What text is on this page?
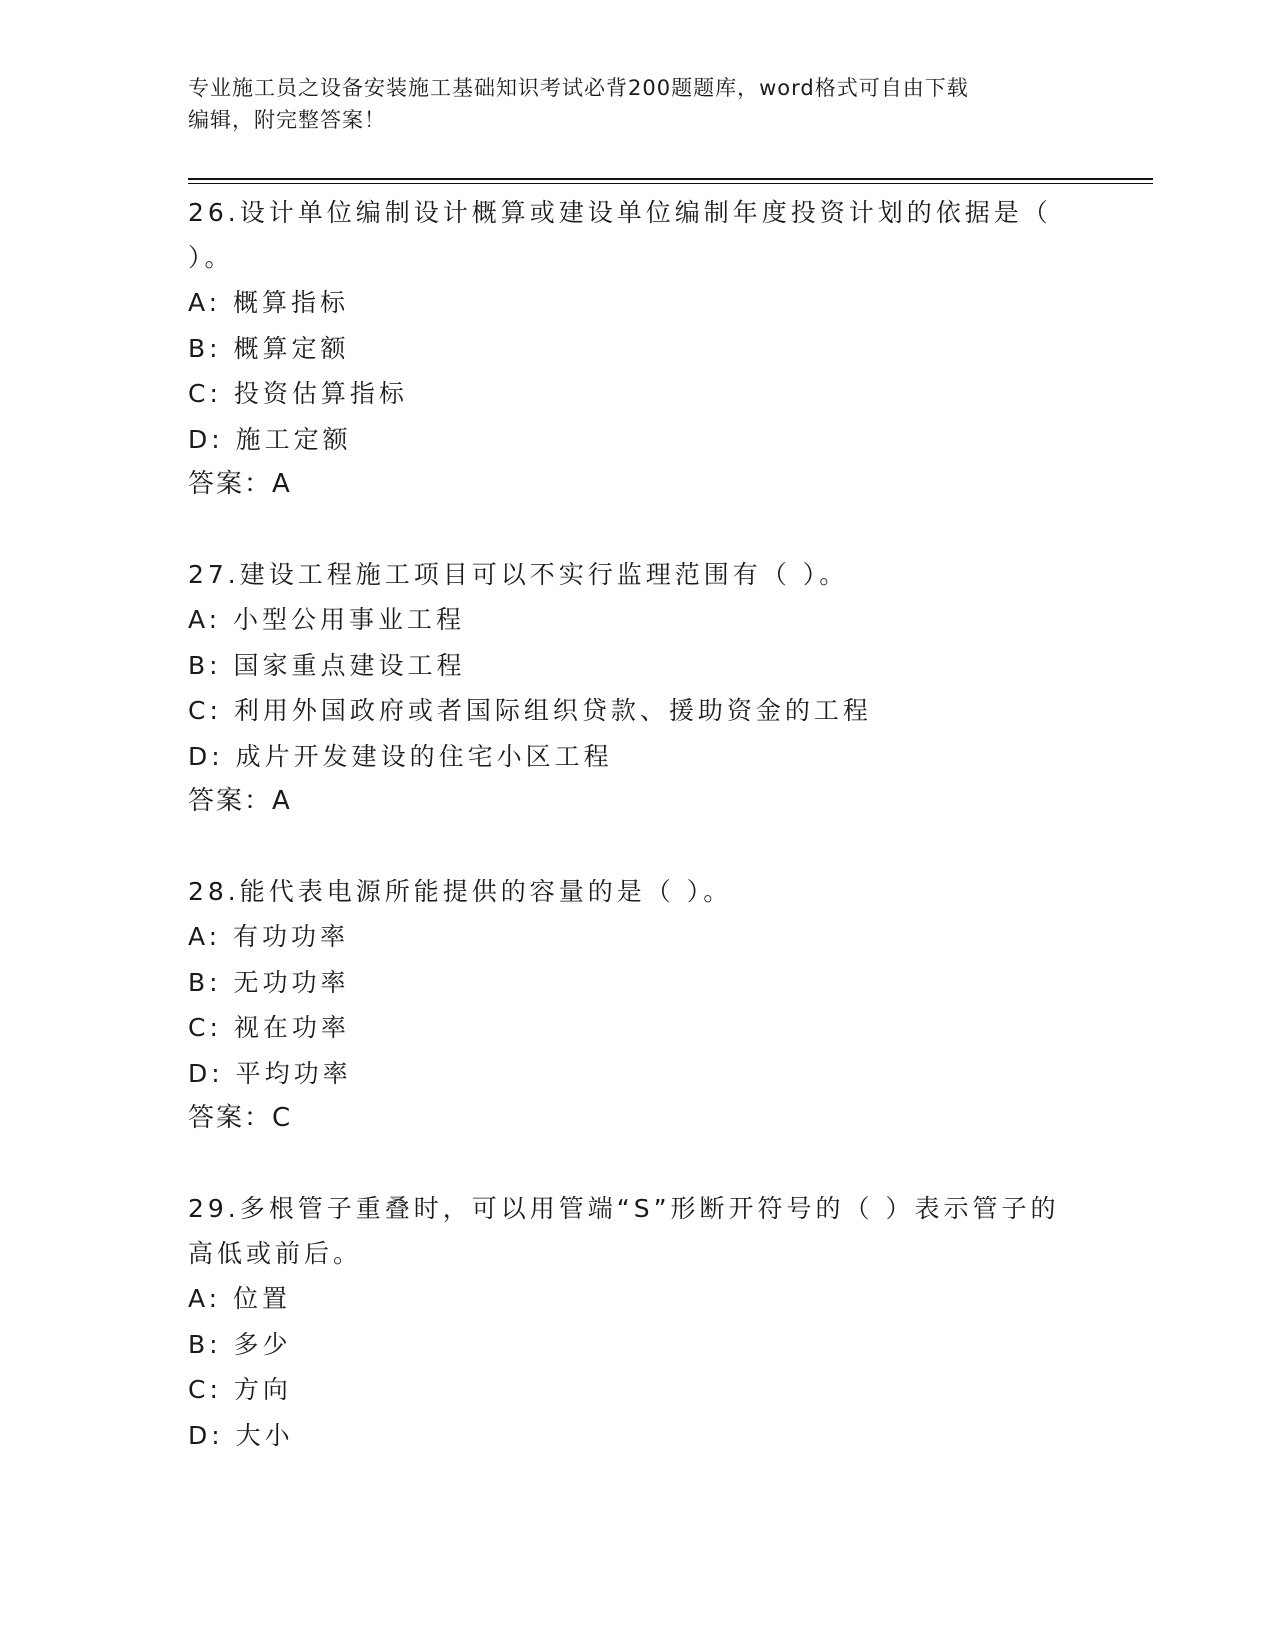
专业施工员之设备安装施工基础知识考试必背200题题库，word格式可自由下载
编辑，附完整答案！

26.设计单位编制设计概算或建设单位编制年度投资计划的依据是（

）。

A: 概算指标

B: 概算定额

C: 投资估算指标

D: 施工定额

答案：A

27.建设工程施工项目可以不实行监理范围有（ ）。

A: 小型公用事业工程

B: 国家重点建设工程

C: 利用外国政府或者国际组织贷款、援助资金的工程

D: 成片开发建设的住宅小区工程

答案：A

28.能代表电源所能提供的容量的是（ ）。

A: 有功功率

B: 无功功率

C: 视在功率

D: 平均功率

答案：C

29.多根管子重叠时，可以用管端“S”形断开符号的（ ）表示管子的

高低或前后。

A: 位置

B: 多少

C: 方向

D: 大小
